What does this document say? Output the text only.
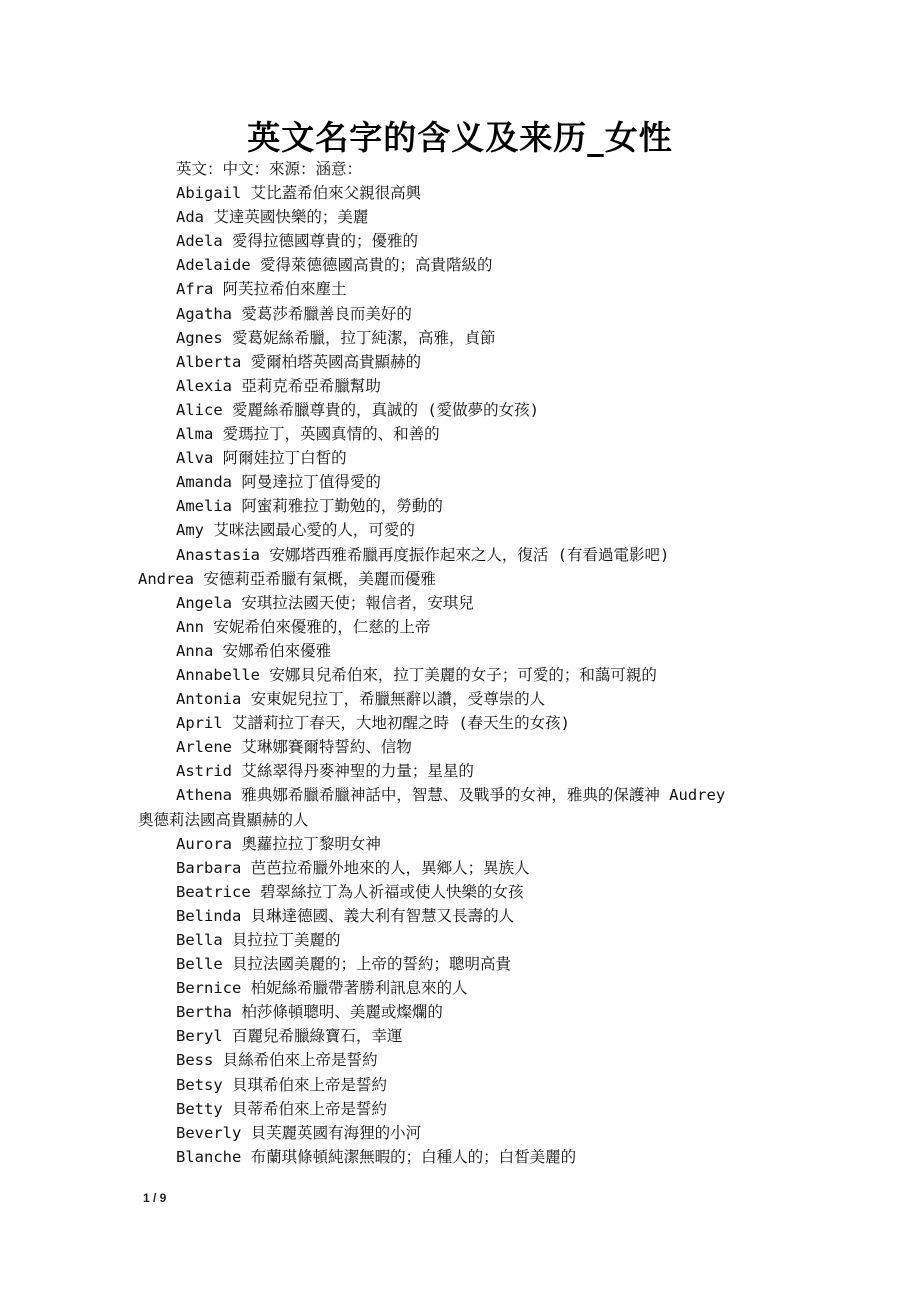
英文名字的含义及来历_女性
英文：中文：來源：涵意：
Abigail 艾比蓋希伯來父親很高興
Ada 艾達英國快樂的；美麗
Adela 愛得拉德國尊貴的；優雅的
Adelaide 愛得萊德德國高貴的；高貴階級的
Afra 阿芙拉希伯來塵土
Agatha 愛葛莎希臘善良而美好的
Agnes 愛葛妮絲希臘，拉丁純潔，高雅，貞節
Alberta 愛爾柏塔英國高貴顯赫的
Alexia 亞莉克希亞希臘幫助
Alice 愛麗絲希臘尊貴的，真誠的 (愛做夢的女孩)
Alma 愛瑪拉丁，英國真情的、和善的
Alva 阿爾娃拉丁白皙的
Amanda 阿曼達拉丁值得愛的
Amelia 阿蜜莉雅拉丁勤勉的，勞動的
Amy 艾咪法國最心愛的人，可愛的
Anastasia 安娜塔西雅希臘再度振作起來之人，復活 (有看過電影吧)
Andrea 安德莉亞希臘有氣概，美麗而優雅
Angela 安琪拉法國天使；報信者，安琪兒
Ann 安妮希伯來優雅的，仁慈的上帝
Anna 安娜希伯來優雅
Annabelle 安娜貝兒希伯來，拉丁美麗的女子；可愛的；和藹可親的
Antonia 安東妮兒拉丁，希臘無辭以讚，受尊崇的人
April 艾譜莉拉丁春天，大地初醒之時 (春天生的女孩)
Arlene 艾琳娜賽爾特誓約、信物
Astrid 艾絲翠得丹麥神聖的力量；星星的
Athena 雅典娜希臘希臘神話中，智慧、及戰爭的女神，雅典的保護神 Audrey
奧德莉法國高貴顯赫的人
Aurora 奧蘿拉拉丁黎明女神
Barbara 芭芭拉希臘外地來的人，異鄉人；異族人
Beatrice 碧翠絲拉丁為人祈福或使人快樂的女孩
Belinda 貝琳達德國、義大利有智慧又長壽的人
Bella 貝拉拉丁美麗的
Belle 貝拉法國美麗的；上帝的誓約；聰明高貴
Bernice 柏妮絲希臘帶著勝利訊息來的人
Bertha 柏莎條頓聰明、美麗或燦爛的
Beryl 百麗兒希臘綠寶石，幸運
Bess 貝絲希伯來上帝是誓約
Betsy 貝琪希伯來上帝是誓約
Betty 貝蒂希伯來上帝是誓約
Beverly 貝芙麗英國有海狸的小河
Blanche 布蘭琪條頓純潔無暇的；白種人的；白皙美麗的
1 / 9
